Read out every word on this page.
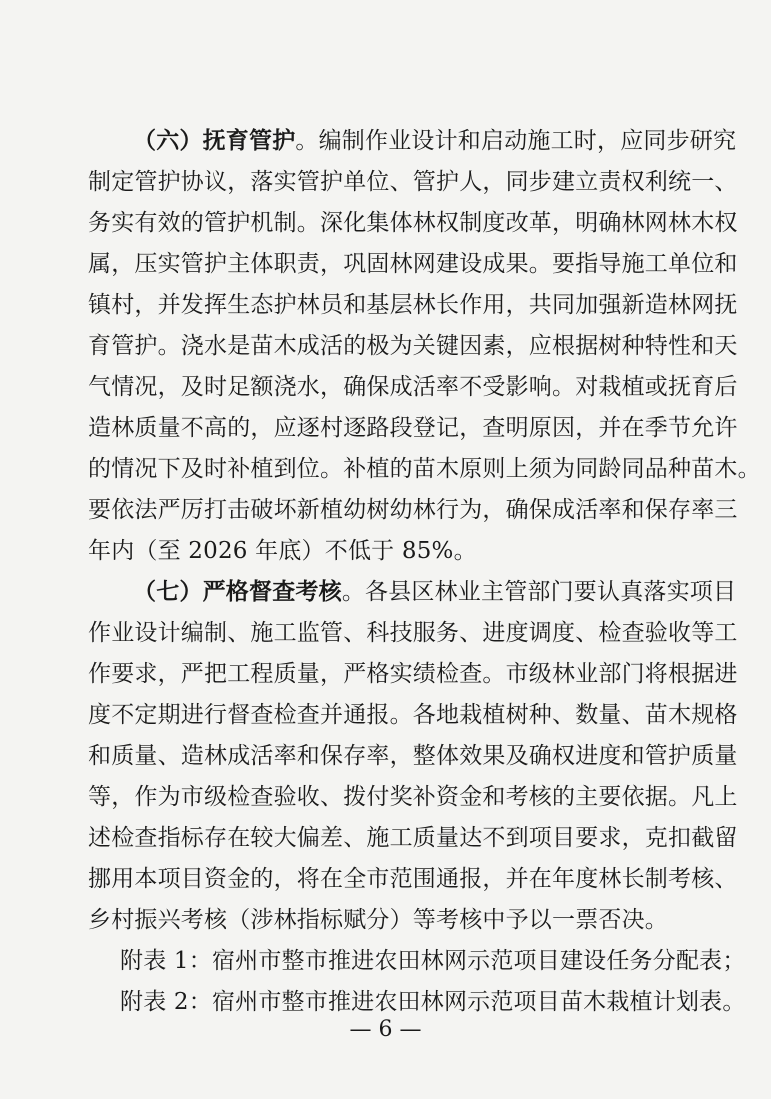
（六）抚育管护。编制作业设计和启动施工时，应同步研究
制定管护协议，落实管护单位、管护人，同步建立责权利统一、
务实有效的管护机制。深化集体林权制度改革，明确林网林木权
属，压实管护主体职责，巩固林网建设成果。要指导施工单位和
镇村，并发挥生态护林员和基层林长作用，共同加强新造林网抚
育管护。浇水是苗木成活的极为关键因素，应根据树种特性和天
气情况，及时足额浇水，确保成活率不受影响。对栽植或抚育后
造林质量不高的，应逐村逐路段登记，查明原因，并在季节允许
的情况下及时补植到位。补植的苗木原则上须为同龄同品种苗木。
要依法严厉打击破坏新植幼树幼林行为，确保成活率和保存率三
年内（至 2026 年底）不低于 85%。
（七）严格督查考核。各县区林业主管部门要认真落实项目
作业设计编制、施工监管、科技服务、进度调度、检查验收等工
作要求，严把工程质量，严格实绩检查。市级林业部门将根据进
度不定期进行督查检查并通报。各地栽植树种、数量、苗木规格
和质量、造林成活率和保存率，整体效果及确权进度和管护质量
等，作为市级检查验收、拨付奖补资金和考核的主要依据。凡上
述检查指标存在较大偏差、施工质量达不到项目要求，克扣截留
挪用本项目资金的，将在全市范围通报，并在年度林长制考核、
乡村振兴考核（涉林指标赋分）等考核中予以一票否决。
附表 1：宿州市整市推进农田林网示范项目建设任务分配表；
附表 2：宿州市整市推进农田林网示范项目苗木栽植计划表。
— 6 —
